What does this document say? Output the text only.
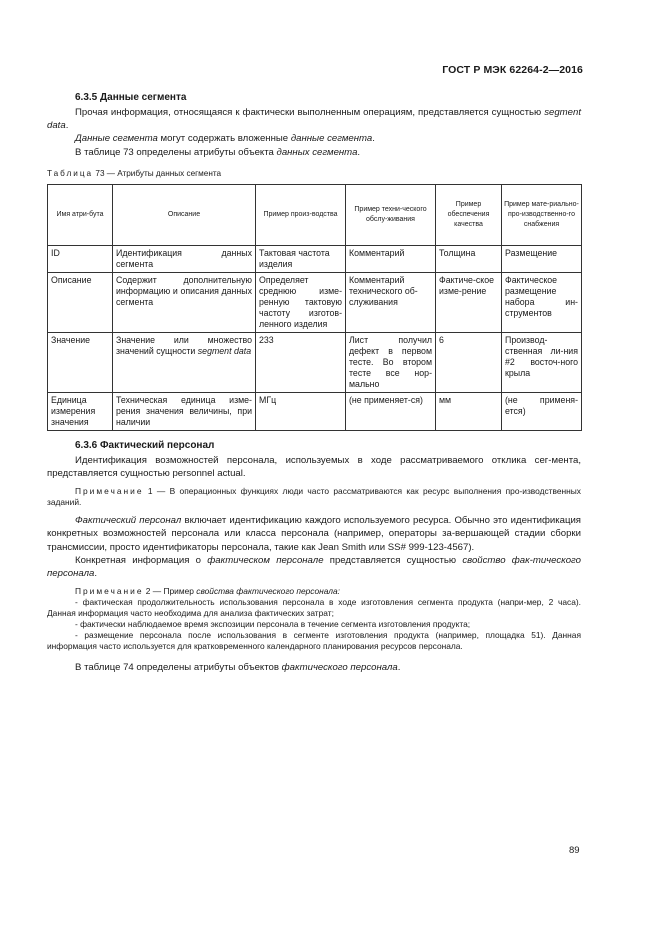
ГОСТ Р МЭК 62264-2—2016
6.3.5 Данные сегмента

Прочая информация, относящаяся к фактически выполненным операциям, представляется сущностью segment data.

Данные сегмента могут содержать вложенные данные сегмента.

В таблице 73 определены атрибуты объекта данных сегмента.

Таблица 73 — Атрибуты данных сегмента
Имя атри-бута	Описание	Пример произ-водства	Пример техни-ческого обслу-живания	Пример обеспечения качества	Пример мате-риально-про-изводственно-го снабжения
ID	Идентификация данных сегмента	Тактовая частота изделия	Комментарий	Толщина	Размещение
Описание	Содержит дополнительную информацию и описания данных сегмента	Определяет среднюю изме-ренную тактовую частоту изготов-ленного изделия	Комментарий технического об-служивания	Фактиче-ское изме-рение	Фактическое размещение набора ин-струментов
Значение	Значение или множество значений сущности segment data	233	Лист получил дефект в первом тесте. Во втором тесте все нор-мально	6	Производ-ственная ли-ния #2 восточ-ного крыла
Единица измерения значения	Техническая единица изме-рения значения величины, при наличии	МГц	(не применяет-ся)	мм	(не применя-ется)
6.3.6 Фактический персонал

Идентификация возможностей персонала, используемых в ходе рассматриваемого отклика сег-мента, представляется сущностью personnel actual.

Примечание 1 — В операционных функциях люди часто рассматриваются как ресурс выполнения про-изводственных заданий.

Фактический персонал включает идентификацию каждого используемого ресурса. Обычно это идентификация конкретных возможностей персонала или класса персонала (например, операторы за-вершающей стадии сборки трансмиссии, просто идентификаторы персонала, такие как Jean Smith или SS# 999-123-4567).

Конкретная информация о фактическом персонале представляется сущностью свойство фак-тического персонала.

Примечание 2 — Пример свойства фактического персонала:

- фактическая продолжительность использования персонала в ходе изготовления сегмента продукта (напри-мер, 2 часа). Данная информация часто необходима для анализа фактических затрат;

- фактически наблюдаемое время экспозиции персонала в течение сегмента изготовления продукта;

- размещение персонала после использования в сегменте изготовления продукта (например, площадка 51). Данная информация часто используется для кратковременного календарного планирования ресурсов персонала.

В таблице 74 определены атрибуты объектов фактического персонала.

89
